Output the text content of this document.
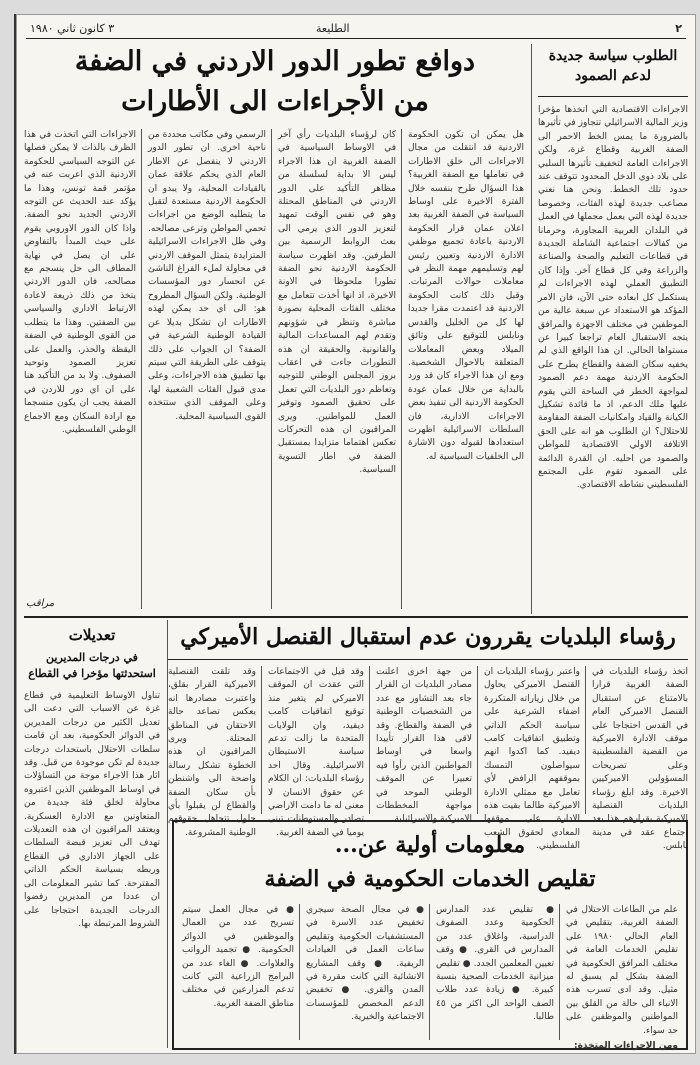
٢
الطليعة
٣ كانون ثاني ١٩٨٠
الطلوب سياسة جديدة
لدعم الصمود
الاجراءات الاقتصادية التي اتخذها مؤخرا وزير المالية الاسرائيلي تتجاوز في تأثيرها بالضرورة ما يمس الخط الاحمر الى الضفة الغربية وقطاع غزة، ولكن الاجراءات العامة لتخفيف تأثيرها السلبي على بلاد ذوي الدخل المحدود تتوقف عند حدود تلك الخطط. ونحن هنا نعني مصاعب جديدة لهذه الفئات، وخصوصا جديدة لهذه التي يعمل مجملها في العمل في البلدان العربية المجاورة، وحرمانا من كفالات اجتماعية الشاملة الجديدة في قطاعات التعليم والصحة والصناعة والزراعة وفي كل قطاع آخر. وإذا كان التطبيق العملي لهذه الاجراءات لم يستكمل كل ابعاده حتى الآن، فان الامر المؤكد هو الاستعداد عن سبعة عالية من الموظفين في مختلف الاجهزة والمرافق يتجه الاستقبال العام تراجعا كبيرا عن مستواها الحالي. ان هذا الواقع الذي لم يخفيه سكان الضفة والقطاع يطرح على الحكومة الاردنية مهمة دعم الصمود لمواجهة الخطر في الساحة التي يقوم عليها ملك الدعم، اذ ما قائدة تشكيل الكيانة والقياد وامكانيات الضفة المقاومة للاحتلال؟ ان الطلوب هو انه على الحق الاتلافة الاولي الاقتصادية للمواطن والصمود من احليه. ان القدرة الدائمة على الصمود تقوم على المجتمع الفلسطيني نشاطه الاقتصادي.
دوافع تطور الدور الاردني في الضفة
من الأجراءات الى الأطارات
هل يمكن ان تكون الحكومة الاردنية قد انتقلت من مجال الاجراءات الى خلق الاطارات في تعاملها مع الضفة الغربية؟ هذا السؤال طرح بنفسه خلال الفترة الاخيرة على اوساط السياسة في الضفة الغربية بعد اعلان عمان قرار الحكومة الاردنية باعادة تجميع موظفي الادارة الاردنية وتعيين رئيس لهم وتسليمهم مهمة النظر في معاملات حوالات المرتبات. وقبل ذلك كانت الحكومة الاردنية قد اعتمدت مقرا جديدا لها كل من الخليل والقدس ونابلس للتوقيع على وثائق الميلاد وبعض المعاملات المتعلقة بالاحوال الشخصية. ومع ان هذا الاجراء كان قد ورد بالبداية من خلال عمان عودة الحكومة الاردنية الى تنفيذ بعض الاجراءات الادارية، فان السلطات الاسرائيلية اظهرت استعدادها لقبوله دون الاشارة الى الخلفيات السياسية له.
كان لرؤساء البلديات رأي آخر في الاوساط السياسية في الضفة الغربية ان هذا الاجراء ليس الا بداية لسلسلة من مظاهر التأكيد على الدور الاردني في المناطق المحتلة وهو في نفس الوقت تمهيد لتعزيز الدور الذي يرمي الى بعث الروابط الرسمية بين الطرفين. وقد اظهرت سياسة الحكومة الاردنية نحو الضفة تطورا ملحوظا في الاونة الاخيرة، اذ انها أخذت تتعامل مع مختلف الفئات المحلية بصورة مباشرة وتنظر في شؤونهم وتقدم لهم المساعدات المالية والقانونية. والحقيقة ان هذه التطورات جاءت في اعقاب بروز المجلس الوطني للتوجيه وتعاظم دور البلديات التي تعمل على تحقيق الصمود وتوفير العمل للمواطنين. ويرى المراقبون ان هذه التحركات تعكس اهتماما متزايدا بمستقبل الضفة في اطار التسوية السياسية.
الرسمي وفي مكاتب محددة من ناحية اخرى. ان تطور الدور الاردني لا ينفصل عن الاطار العام الذي يحكم علاقة عمان بالقيادات المحلية، ولا يبدو ان الحكومة الاردنية مستعدة لتقبل ما يتطلبه الوضع من اجراءات تحمي المواطن وترعى مصالحه. وفي ظل الاجراءات الاسرائيلية المتزايدة يتمثل الموقف الاردني في محاولة لملء الفراغ الناشئ عن انحسار دور المؤسسات الوطنية. ولكن السؤال المطروح هو: الى اي حد يمكن لهذه الاطارات ان تشكل بديلا عن القيادة الوطنية الشرعية في الضفة؟ ان الجواب على ذلك يتوقف على الطريقة التي سيتم بها تطبيق هذه الاجراءات، وعلى مدى قبول الفئات الشعبية لها، وعلى الموقف الذي ستتخذه القوى السياسية المحلية.
الاجراءات التي اتخذت في هذا الظرف بالذات لا يمكن فصلها عن التوجه السياسي للحكومة الاردنية الذي اعربت عنه في مؤتمر قمة تونس، وهذا ما يؤكد عند الحديث عن التوجه الاردني الجديد نحو الضفة. واذا كان الدور الاوروبي يقوم على حيث المبدأ بالتفاوض على ان يصل في نهاية المطاف الى حل ينسجم مع مصالحه، فان الدور الاردني يتخذ من ذلك ذريعة لاعادة الارتباط الاداري والسياسي بين الضفتين. وهذا ما يتطلب من القوى الوطنية في الضفة اليقظة والحذر، والعمل على تعزيز الصمود وتوحيد الصفوف. ولا بد من التأكيد هنا على ان اي دور للاردن في الضفة يجب ان يكون منسجما مع ارادة السكان ومع الاجماع الوطني الفلسطيني.
مراقب
رؤساء البلديات يقررون عدم استقبال القنصل الأميركي
اتخذ رؤساء البلديات في الضفة الغربية قرارا بالامتناع عن استقبال القنصل الاميركي العام في القدس احتجاجا على موقف الادارة الاميركية من القضية الفلسطينية وعلى تصريحات المسؤولين الاميركيين الاخيرة. وقد ابلغ رؤساء البلديات القنصلية الاميركية بقرارهم هذا بعد اجتماع عقد في مدينة نابلس.
واعتبر رؤساء البلديات ان القنصل الاميركي يحاول من خلال زياراته المتكررة اضفاء الشرعية على سياسة الحكم الذاتي وتطبيق اتفاقيات كامب ديفيد. كما اكدوا انهم سيواصلون التمسك بموقفهم الرافض لأي تعامل مع ممثلي الادارة الاميركية طالما بقيت هذه الادارة على موقفها المعادي لحقوق الشعب الفلسطيني.
من جهة اخرى اعلنت مصادر البلديات ان القرار جاء بعد التشاور مع عدد من الشخصيات الوطنية في الضفة والقطاع. وقد لاقى هذا القرار تأييدا واسعا في اوساط المواطنين الذين رأوا فيه تعبيرا عن الموقف الوطني الموحد في مواجهة المخططات الاميركية والاسرائيلية.
وقد قيل في الاجتماعات التي عقدت ان الموقف الاميركي لم يتغير منذ توقيع اتفاقيات كامب ديفيد، وان الولايات المتحدة ما زالت تدعم سياسة الاستيطان الاسرائيلية. وقال احد رؤساء البلديات: ان الكلام عن حقوق الانسان لا معنى له ما دامت الاراضي تصادر والمستوطنات تبنى يوميا في الضفة الغربية.
وقد تلقت القنصلية الاميركية القرار بقلق، واعتبرت مصادرها انه يعكس تصاعد حالة الاحتقان في المناطق المحتلة. ويرى المراقبون ان هذه الخطوة تشكل رسالة واضحة الى واشنطن بأن سكان الضفة والقطاع لن يقبلوا بأي حلول تتجاهل حقوقهم الوطنية المشروعة.	معلومات أولية عن...
تقليص الخدمات الحكومية في الضفة
علم من الطاعات الاحتلال في الضفة الغربية، بتقليص في العام الحالي ١٩٨٠ على تقليص الخدمات العامة في مختلف المرافق الحكومية في الضفة بشكل لم يسبق له مثيل. وقد ادى تسرب هذه الانباء الى حالة من القلق بين المواطنين والموظفين على حد سواء.
ومن الاجراءات المتخذة:
● تقليص عدد المدارس الحكومية وعدد الصفوف الدراسية، واغلاق عدد من المدارس في القرى. ● وقف تعيين المعلمين الجدد. ● تقليص ميزانية الخدمات الصحية بنسبة كبيرة. ● زيادة عدد طلاب الصف الواحد الى اكثر من ٤٥ طالبا.
● في مجال الصحة سيجري تخفيض عدد الاسرة في المستشفيات الحكومية وتقليص ساعات العمل في العيادات الريفية. ● وقف المشاريع الانشائية التي كانت مقررة في المدن والقرى. ● تخفيض الدعم المخصص للمؤسسات الاجتماعية والخيرية.
● في مجال العمل سيتم تسريح عدد من العمال والموظفين في الدوائر الحكومية. ● تجميد الرواتب والعلاوات. ● الغاء عدد من البرامج الزراعية التي كانت تدعم المزارعين في مختلف مناطق الضفة الغربية.
تعديلات
في درجات المديرين
استحدثتها مؤخرا في القطاع
تناول الاوساط التعليمية في قطاع غزة عن الاسباب التي دعت الى تعديل الكثير من درجات المديرين في الدوائر الحكومية، بعد ان قامت سلطات الاحتلال باستحداث درجات جديدة لم تكن موجودة من قبل. وقد اثار هذا الاجراء موجة من التساؤلات في اوساط الموظفين الذين اعتبروه محاولة لخلق فئة جديدة من المتعاونين مع الادارة العسكرية. ويعتقد المراقبون ان هذه التعديلات تهدف الى تعزيز قبضة السلطات على الجهاز الاداري في القطاع وربطه بسياسة الحكم الذاتي المقترحة. كما تشير المعلومات الى ان عددا من المديرين رفضوا الدرجات الجديدة احتجاجا على الشروط المرتبطة بها.
